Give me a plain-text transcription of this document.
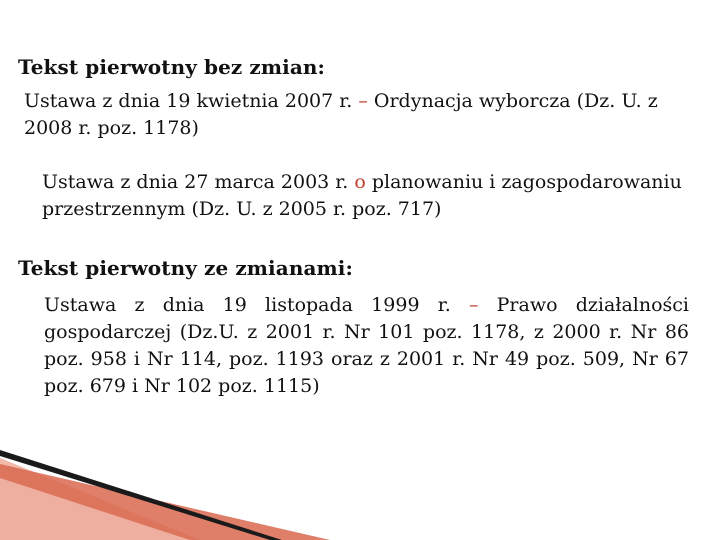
Tekst pierwotny bez zmian:
Ustawa z dnia 19 kwietnia 2007 r. – Ordynacja wyborcza (Dz. U. z 2008 r. poz. 1178)
Ustawa z dnia 27 marca 2003 r. o planowaniu i zagospodarowaniu przestrzennym (Dz. U. z 2005 r. poz. 717)
Tekst pierwotny ze zmianami:
Ustawa z dnia 19 listopada 1999 r. – Prawo działalności gospodarczej (Dz.U. z 2001 r. Nr 101 poz. 1178, z 2000 r. Nr 86 poz. 958 i Nr 114, poz. 1193 oraz z 2001 r. Nr 49 poz. 509, Nr 67 poz. 679 i Nr 102 poz. 1115)
